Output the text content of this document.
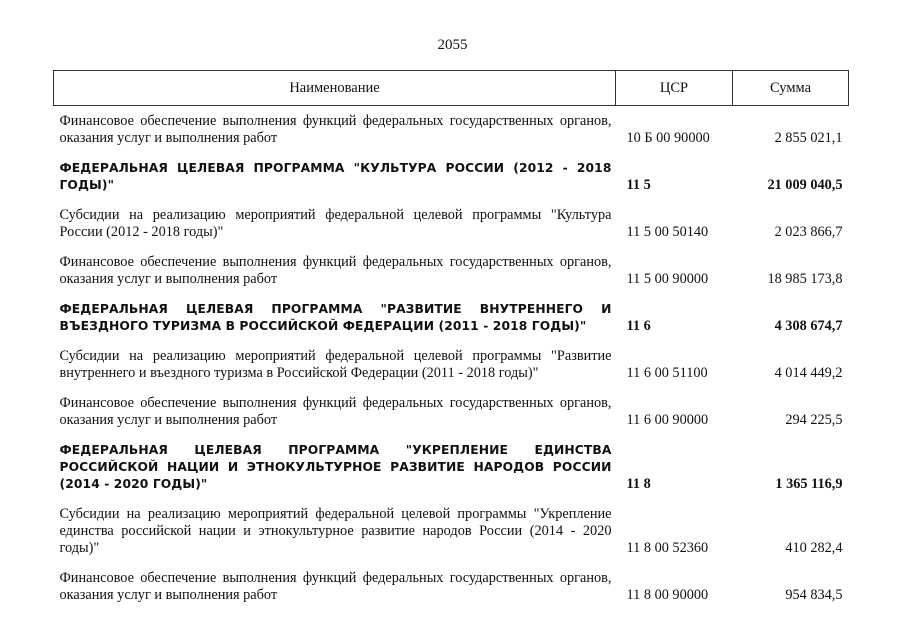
2055
Наименование	ЦСР	Сумма
Финансовое обеспечение выполнения функций федеральных государственных органов, оказания услуг и выполнения работ	10 Б 00 90000	2 855 021,1
ФЕДЕРАЛЬНАЯ ЦЕЛЕВАЯ ПРОГРАММА "КУЛЬТУРА РОССИИ (2012 - 2018 ГОДЫ)"	11 5	21 009 040,5
Субсидии на реализацию мероприятий федеральной целевой программы "Культура России (2012 - 2018 годы)"	11 5 00 50140	2 023 866,7
Финансовое обеспечение выполнения функций федеральных государственных органов, оказания услуг и выполнения работ	11 5 00 90000	18 985 173,8
ФЕДЕРАЛЬНАЯ ЦЕЛЕВАЯ ПРОГРАММА "РАЗВИТИЕ ВНУТРЕННЕГО И ВЪЕЗДНОГО ТУРИЗМА В РОССИЙСКОЙ ФЕДЕРАЦИИ (2011 - 2018 ГОДЫ)"	11 6	4 308 674,7
Субсидии на реализацию мероприятий федеральной целевой программы "Развитие внутреннего и въездного туризма в Российской Федерации (2011 - 2018 годы)"	11 6 00 51100	4 014 449,2
Финансовое обеспечение выполнения функций федеральных государственных органов, оказания услуг и выполнения работ	11 6 00 90000	294 225,5
ФЕДЕРАЛЬНАЯ ЦЕЛЕВАЯ ПРОГРАММА "УКРЕПЛЕНИЕ ЕДИНСТВА РОССИЙСКОЙ НАЦИИ И ЭТНОКУЛЬТУРНОЕ РАЗВИТИЕ НАРОДОВ РОССИИ (2014 - 2020 ГОДЫ)"	11 8	1 365 116,9
Субсидии на реализацию мероприятий федеральной целевой программы "Укрепление единства российской нации и этнокультурное развитие народов России (2014 - 2020 годы)"	11 8 00 52360	410 282,4
Финансовое обеспечение выполнения функций федеральных государственных органов, оказания услуг и выполнения работ	11 8 00 90000	954 834,5
